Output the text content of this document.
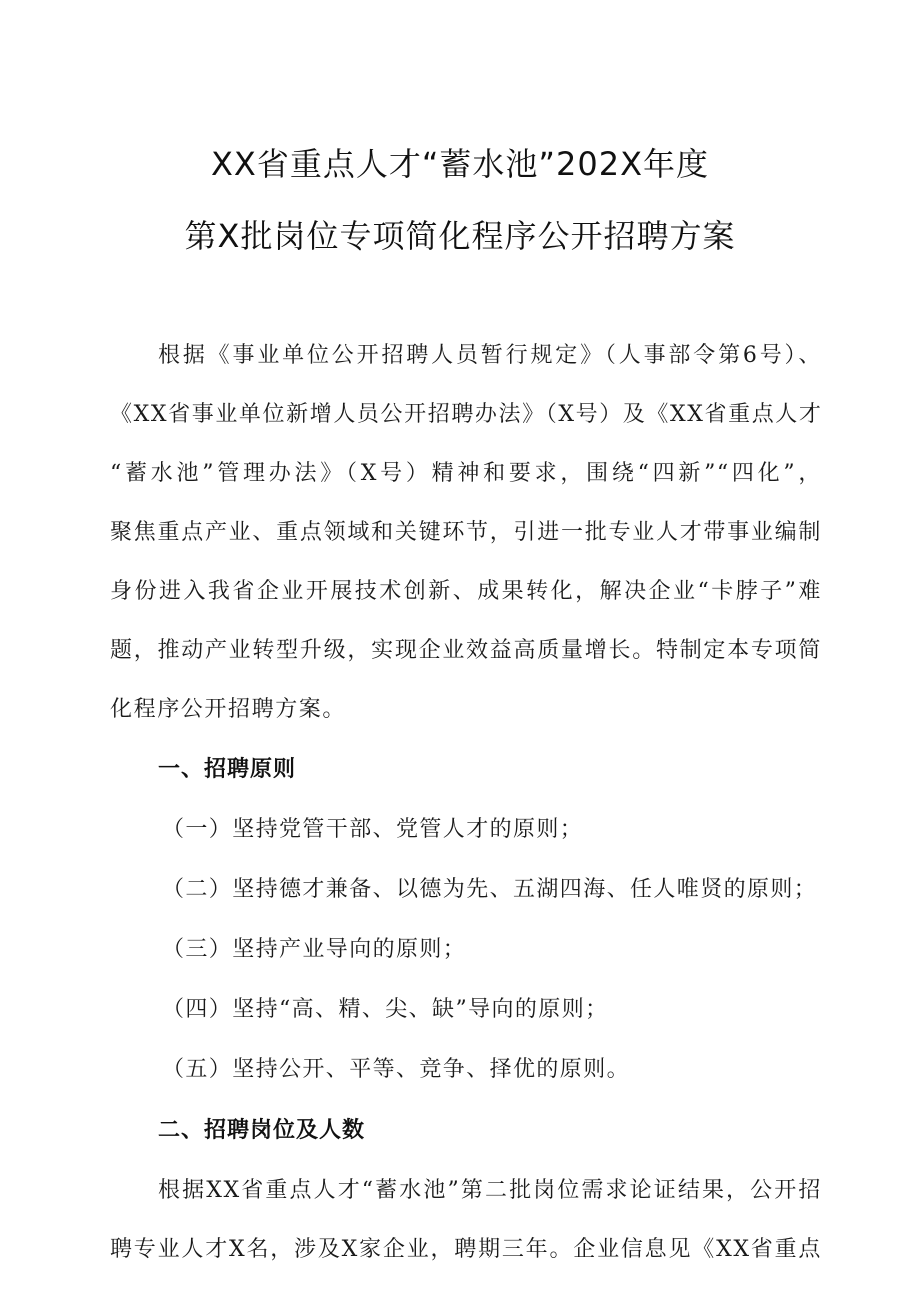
XX省重点人才“蓄水池”202X年度
第X批岗位专项简化程序公开招聘方案
根据《事业单位公开招聘人员暂行规定》（人事部令第6号）、
《XX省事业单位新增人员公开招聘办法》（X号）及《XX省重点人才
“蓄水池”管理办法》（X号）精神和要求，围绕“四新”“四化”，
聚焦重点产业、重点领域和关键环节，引进一批专业人才带事业编制
身份进入我省企业开展技术创新、成果转化，解决企业“卡脖子”难
题，推动产业转型升级，实现企业效益高质量增长。特制定本专项简
化程序公开招聘方案。
一、招聘原则
（一）坚持党管干部、党管人才的原则；
（二）坚持德才兼备、以德为先、五湖四海、任人唯贤的原则；
（三）坚持产业导向的原则；
（四）坚持“高、精、尖、缺”导向的原则；
（五）坚持公开、平等、竞争、择优的原则。
二、招聘岗位及人数
根据XX省重点人才“蓄水池”第二批岗位需求论证结果，公开招
聘专业人才X名，涉及X家企业，聘期三年。企业信息见《XX省重点
